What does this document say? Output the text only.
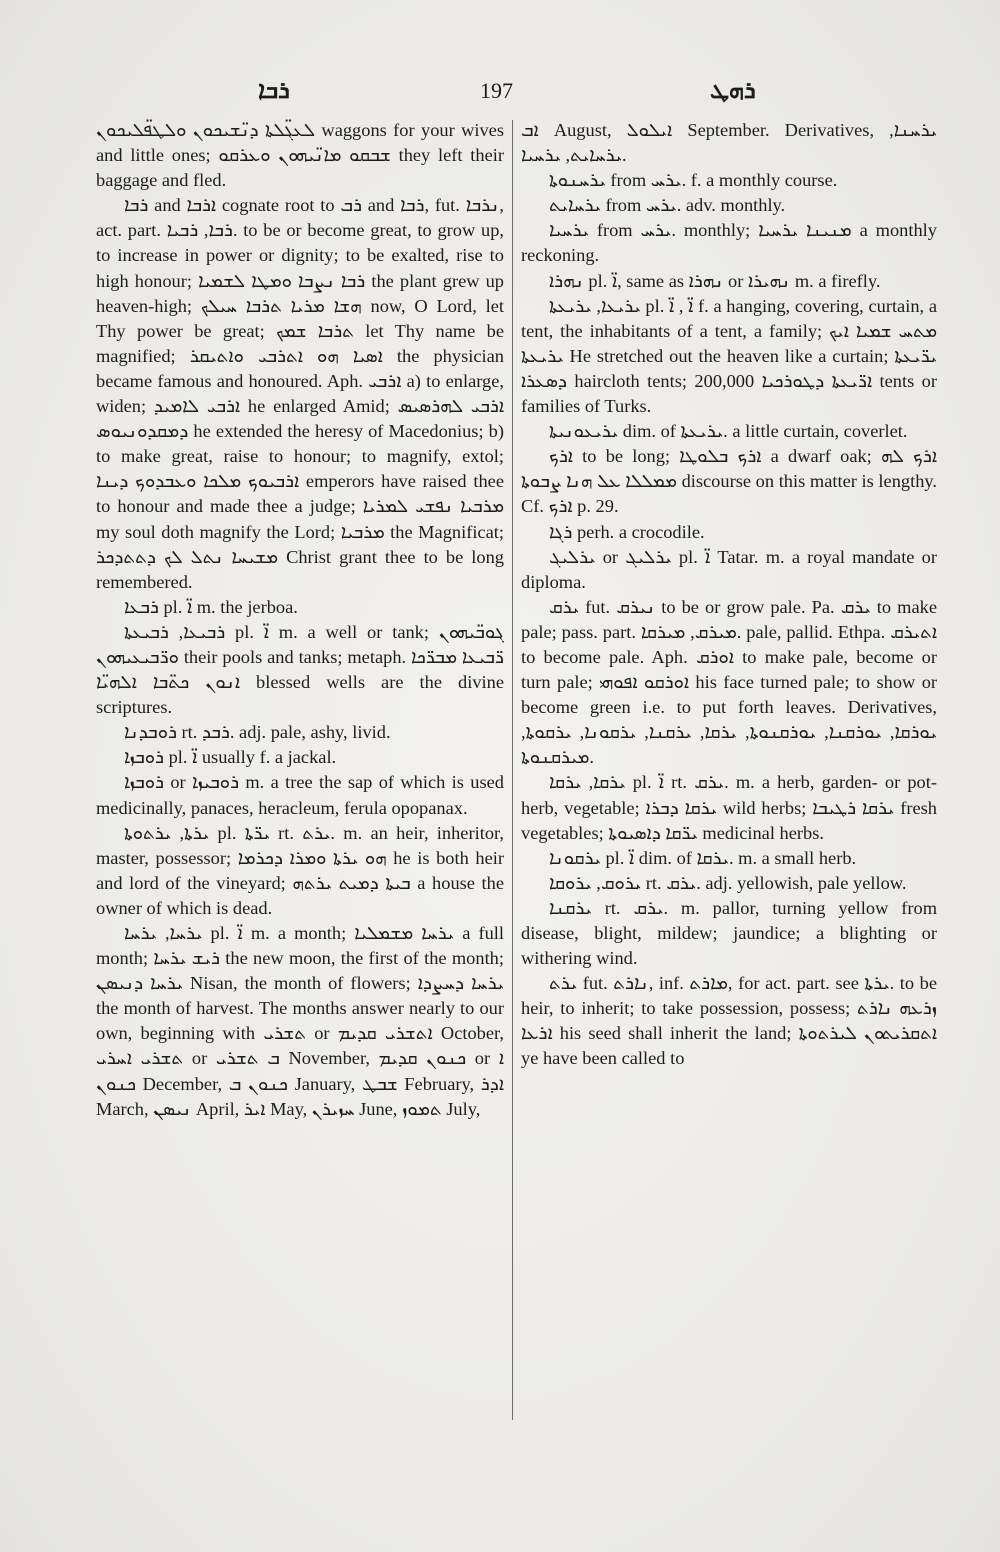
ܪܒܐ	197	ܪܗܛ

ܠܥܓ̈ܠܬܐ ܕܢ̈ܫܝܟܘܢ ܘܠܛܦ̈ܠܝܟܘܢ waggons for your wives and little ones; ܫܒܩܘ ܡܐܢ̈ܝܗܘܢ ܘܥܪܩܘ they left their baggage and fled.

ܪܒܐ and ܐܪܒܐ cognate root to ܪܒ and ܪܒܐ, fut. ܢܪܒܐ, act. part. ܪܒܐ, ܪܒܝܐ. to be or become great, to grow up, to increase in power or dignity; to be exalted, rise to high honour; ܪܒܐ ܢܨܒܐ ܘܡܛܐ ܠܫܡܝܐ the plant grew up heaven-high; ܗܫܐ ܡܪܝܐ ܬܪܒܐ ܚܝܠܟ now, O Lord, let Thy power be great; ܬܪܒܐ ܫܡܟ let Thy name be magnified; ܐܣܝܐ ܗܘ ܐܬܪܒܝ ܘܐܬܝܩܪ the physician became famous and honoured. Aph. ܐܪܒܝ a) to enlarge, widen; ܐܪܒܝ ܠܐܡܝܕ he enlarged Amid; ܐܪܒܝ ܠܗܪܣܝܣ ܕܡܩܕܘܢܝܘܣ he extended the heresy of Macedonius; b) to make great, raise to honour; to magnify, extol; ܐܪܒܝܘܟ ܡܠܟܐ ܘܥܒܕܘܟ ܕܝܢܐ emperors have raised thee to honour and made thee a judge; ܡܪܒܝܐ ܢܦܫܝ ܠܡܪܝܐ my soul doth magnify the Lord; ܡܪܒܝܐ the Magnificat; ܡܫܝܚܐ ܢܬܠ ܠܟ ܕܬܬܕܟܪ Christ grant thee to be long remembered.

ܪܒܥܐ pl. ܐ̈ m. the jerboa.

ܪܒܝܥܐ, ܪܒܝܥܬܐ pl. ܐ̈ m. a well or tank; ܓܘܒ̈ܝܗܘܢ ܘܪ̈ܒܝܥܝܗܘܢ their pools and tanks; metaph. ܪ̈ܒܝܥܐ ܡܒܪ̈ܟܐ ܐܢܘܢ ܟܬ̈ܒܐ ܐܠܗܝ̈ܐ blessed wells are the divine scriptures.

ܪܘܒܕܢܐ rt. ܪܒܕ. adj. pale, ashy, livid.

ܪܘܒܙܐ pl. ܐ̈ usually f. a jackal.

ܪܘܒܙܐ or ܪܘܒܝܙܐ m. a tree the sap of which is used medicinally, panaces, heracleum, ferula opopanax.

ܝܪܬܐ, ܝܪܬܘܬܐ pl. ܝܪ̈ܬܐ rt. ܝܪܬ. m. an heir, inheritor, master, possessor; ܗܘ ܝܪܬܐ ܘܡܪܐ ܕܟܪܡܐ he is both heir and lord of the vineyard; ܒܝܬܐ ܕܡܝܬ ܝܪܬܗ a house the owner of which is dead.

ܝܪܚܐ, ܝܪܚܐ pl. ܐ̈ m. a month; ܝܪܚܐ ܡܫܡܠܝܐ a full month; ܪܝܫ ܝܪܚܐ the new moon, the first of the month; ܝܪܚܐ ܕܢܝܣܢ Nisan, the month of flowers; ܝܪܚܐ ܕܚܨܕܐ the month of harvest. The months answer nearly to our own, beginning with ܬܫܪܝ or ܐܬܫܪܝ ܩܕܝܡ October, ܬܫܪܝ ܐܚܪܝ or ܒ ܬܫܪܝ November, ܟܢܘܢ ܩܕܝܡ or ܐ ܟܢܘܢ December, ܟܢܘܢ ܒ January, ܫܒܛ February, ܐܕܪ March, ܢܝܣܢ April, ܐܝܪ May, ܚܙܝܪܢ June, ܬܡܘܙ July,

ܐܒ August, ܐܝܠܘܠ September. Derivatives, ܝܪܚܢܐ, ܝܪܚܐܝܬ, ܝܪܚܝܐ.

ܝܪܚܢܘܬܐ from ܝܪܚ. f. a monthly course.

ܝܪܚܐܝܬ from ܝܪܚ. adv. monthly.

ܝܪܚܝܐ from ܝܪܚ. monthly; ܡܢܝܢܐ ܝܪܚܝܐ a monthly reckoning.

ܢܗܪܐ pl. ܐ̈, same as ܢܗܪܐ or ܢܗܝܪܐ m. a firefly.

ܝܪܝܥܐ, ܝܪܝܥܬܐ pl. ܐ̈ , ܐ̈ f. a hanging, covering, curtain, a tent, the inhabitants of a tent, a family; ܡܬܚ ܫܡܝܐ ܐܝܟ ܝܪܝܥܬܐ He stretched out the heaven like a curtain; ܝܪ̈ܝܥܬܐ ܕܣܥܪܐ haircloth tents; ܐܪ̈ܝܥܬܐ ܕܛܘܪܟܝܐ 200,000 tents or families of Turks.

ܝܪܝܥܘܢܝܬܐ dim. of ܝܪܝܥܬܐ. a little curtain, coverlet.

ܐܪܟ to be long; ܐܪܟ ܒܠܘܛܐ a dwarf oak; ܐܪܟ ܠܗ ܡܡܠܠܐ ܥܠ ܗܢܐ ܨܒܘܬܐ discourse on this matter is lengthy. Cf. ܐܪܟ p. 29.

ܪܓܐ perh. a crocodile.

ܝܪܠܝܓ or ܝܪܠܝܓ pl. ܐ̈ Tatar. m. a royal mandate or diploma.

ܝܪܩ fut. ܢܝܪܩ to be or grow pale. Pa. ܝܪܩ to make pale; pass. part. ܡܝܪܩ, ܡܝܪܩܐ. pale, pallid. Ethpa. ܐܬܝܪܩ to become pale. Aph. ܐܘܪܩ to make pale, become or turn pale; ܐܘܪܩܘ ܐܦܘܗܝ his face turned pale; to show or become green i.e. to put forth leaves. Derivatives, ܝܘܪܩܐ, ܝܘܪܩܢܐ, ܝܘܪܩܢܘܬܐ, ܝܪܩܐ, ܝܪܩܢܐ, ܝܪܩܘܢܐ, ܝܪܩܘܬܐ, ܡܝܪܩܢܘܬܐ.

ܝܪܩܐ, ܝܪܩܐ pl. ܐ̈ rt. ܝܪܩ. m. a herb, garden- or pot-herb, vegetable; ܝܪܩܐ ܕܒܪܐ wild herbs; ܝܪܩܐ ܪܛܝܒܐ fresh vegetables; ܝܪ̈ܩܐ ܕܐܣܝܘܬܐ medicinal herbs.

ܝܪܩܘܢܐ pl. ܐ̈ dim. of ܝܪܩܐ. m. a small herb.

ܝܪܘܩ, ܝܪܘܩܐ rt. ܝܪܩ. adj. yellowish, pale yellow.

ܝܪܩܢܐ rt. ܝܪܩ. m. pallor, turning yellow from disease, blight, mildew; jaundice; a blighting or withering wind.

ܝܪܬ fut. ܢܐܪܬ, inf. ܡܐܪܬ, for act. part. see ܝܪܬܐ. to be heir, to inherit; to take possession, possess; ܙܪܥܗ ܢܐܪܬ ܐܪܥܐ his seed shall inherit the land; ܐܬܩܪܝܬܘܢ ܠܝܪܬܘܬܐ ye have been called to
